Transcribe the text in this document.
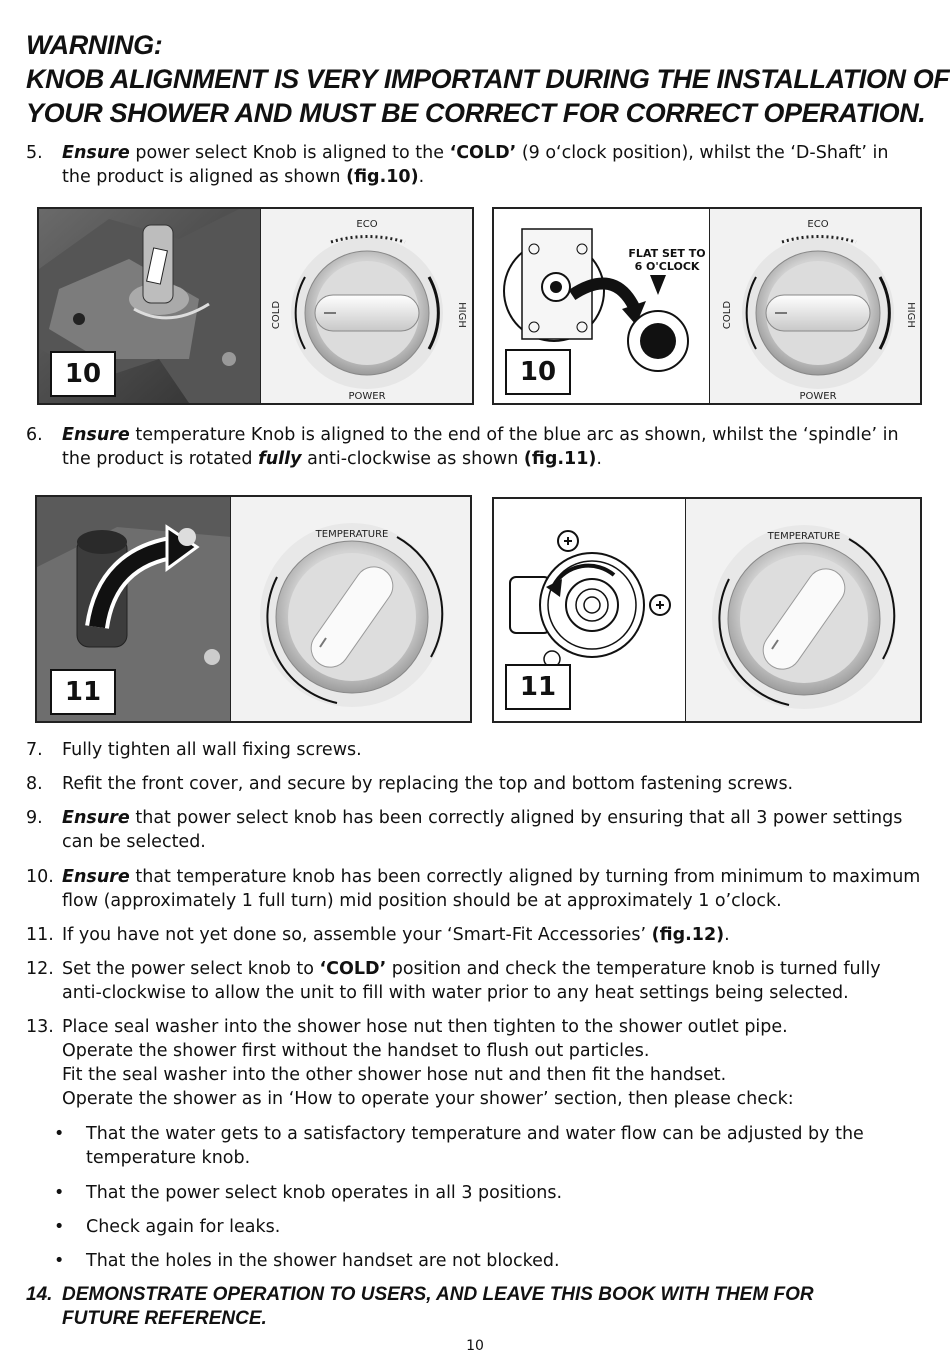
WARNING:
KNOB ALIGNMENT IS VERY IMPORTANT DURING THE INSTALLATION OF
YOUR SHOWER AND MUST BE CORRECT FOR CORRECT OPERATION.
5. Ensure power select Knob is aligned to the ‘COLD’ (9 o‘clock position), whilst the ‘D-Shaft’ in
the product is aligned as shown (fig.10).
ECO
POWER
COLD	HIGH
10
FLAT SET TO
6 O'CLOCK
ECO
POWER
COLD	HIGH
10
6. Ensure temperature Knob is aligned to the end of the blue arc as shown, whilst the ‘spindle’ in
the product is rotated fully anti-clockwise as shown (fig.11).
TEMPERATURE
11
TEMPERATURE
11
7. Fully tighten all wall fixing screws.
8. Refit the front cover, and secure by replacing the top and bottom fastening screws.
9. Ensure that power select knob has been correctly aligned by ensuring that all 3 power settings
can be selected.
10. Ensure that temperature knob has been correctly aligned by turning from minimum to maximum
flow (approximately 1 full turn) mid position should be at approximately 1 o’clock.
11. If you have not yet done so, assemble your ‘Smart-Fit Accessories’ (fig.12).
12. Set the power select knob to ‘COLD’ position and check the temperature knob is turned fully
anti-clockwise to allow the unit to fill with water prior to any heat settings being selected.
13. Place seal washer into the shower hose nut then tighten to the shower outlet pipe.
Operate the shower first without the handset to flush out particles.
Fit the seal washer into the other shower hose nut and then fit the handset.
Operate the shower as in ‘How to operate your shower’ section, then please check:
• That the water gets to a satisfactory temperature and water flow can be adjusted by the
temperature knob.
• That the power select knob operates in all 3 positions.
• Check again for leaks.
• That the holes in the shower handset are not blocked.
14. DEMONSTRATE OPERATION TO USERS, AND LEAVE THIS BOOK WITH THEM FOR
FUTURE REFERENCE.
10
